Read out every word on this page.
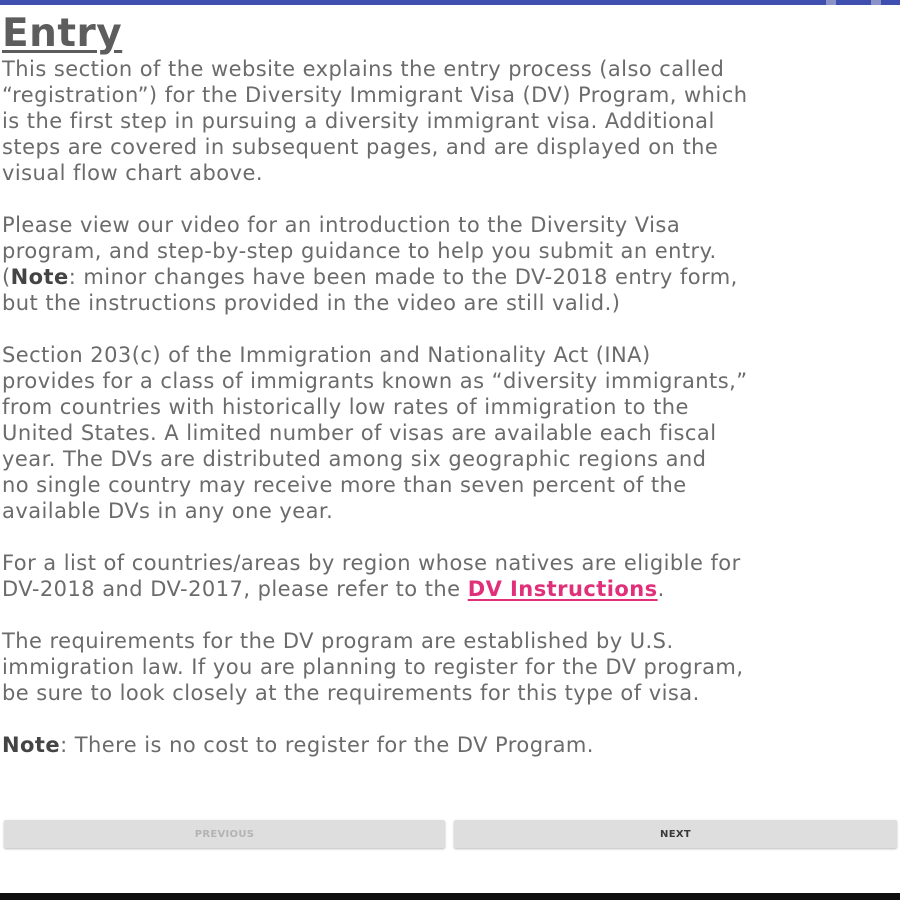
Entry

This section of the website explains the entry process (also called
“registration”) for the Diversity Immigrant Visa (DV) Program, which
is the first step in pursuing a diversity immigrant visa. Additional
steps are covered in subsequent pages, and are displayed on the
visual flow chart above.

Please view our video for an introduction to the Diversity Visa
program, and step-by-step guidance to help you submit an entry.
(Note: minor changes have been made to the DV-2018 entry form,
but the instructions provided in the video are still valid.)

Section 203(c) of the Immigration and Nationality Act (INA)
provides for a class of immigrants known as “diversity immigrants,”
from countries with historically low rates of immigration to the
United States. A limited number of visas are available each fiscal
year. The DVs are distributed among six geographic regions and
no single country may receive more than seven percent of the
available DVs in any one year.

For a list of countries/areas by region whose natives are eligible for
DV-2018 and DV-2017, please refer to the DV Instructions.

The requirements for the DV program are established by U.S.
immigration law. If you are planning to register for the DV program,
be sure to look closely at the requirements for this type of visa.

Note: There is no cost to register for the DV Program.

PREVIOUS	NEXT
